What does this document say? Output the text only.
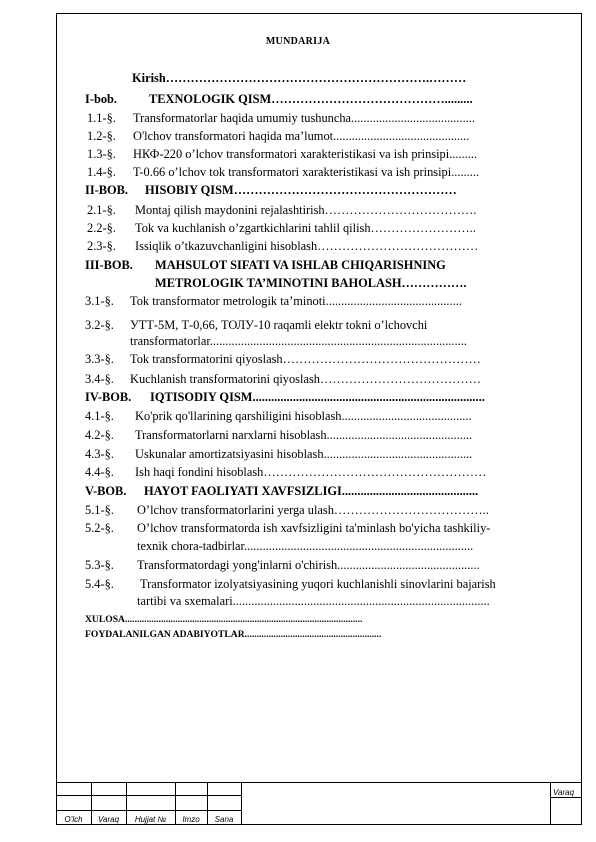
MUNDARIJA
Kirish……………………………………………………….………
I-bob.	TEXNOLOGIK QISM…………………………………….........
1.1-§. Transformatorlar haqida umumiy tushuncha........................................
1.2-§. O'lchov transformatori haqida ma’lumot............................................
1.3-§. НКФ-220 o’lchov transformatori xarakteristikasi va ish prinsipi.........
1.4-§. T-0.66 o’lchov tok transformatori xarakteristikasi va ish prinsipi.........
II-BOB. HISOBIY QISM………………………………………………
2.1-§. Montaj qilish maydonini rejalashtirish……………………………….
2.2-§. Tok va kuchlanish o’zgartkichlarini tahlil qilish……………………..
2.3-§. Issiqlik o’tkazuvchanligini hisoblash…………………………………
III-BOB. MAHSULOT SIFATI VA ISHLAB CHIQARISHNING
METROLOGIK TA’MINOTINI BAHOLASH…………….
3.1-§. Tok transformator metrologik ta’minoti............................................
3.2-§. УТТ-5М, Т-0,66, ТОЛУ-10 raqamli elektr tokni o’lchovchi
transformatorlar...................................................................................
3.3-§. Tok transformatorini qiyoslash…………………………………………
3.4-§. Kuchlanish transformatorini qiyoslash…………………………………
IV-BOB. IQTISODIY QISM...........................................................................
4.1-§. Ko'prik qo'llarining qarshiligini hisoblash..........................................
4.2-§. Transformatorlarni narxlarni hisoblash...............................................
4.3-§. Uskunalar amortizatsiyasini hisoblash................................................
4.4-§. Ish haqi fondini hisoblash………………………………………………
V-BOB. HAYOT FAOLIYATI XAVFSIZLIGI............................................
5.1-§. O’lchov transformatorlarini yerga ulash………………………………..
5.2-§. O’lchov transformatorda ish xavfsizligini ta'minlash bo'yicha tashkiliy-
texnik chora-tadbirlar..........................................................................
5.3-§. Transformatordagi yong'inlarni o'chirish..............................................
5.4-§. Transformator izolyatsiyasining yuqori kuchlanishli sinovlarini bajarish
tartibi va sxemalari...................................................................................
XULOSA...................................................................................................
FOYDALANILGAN ADABIYOTLAR.........................................................
O’lch	Varaq	Hujjat №	Imzo	Sana
Varaq
